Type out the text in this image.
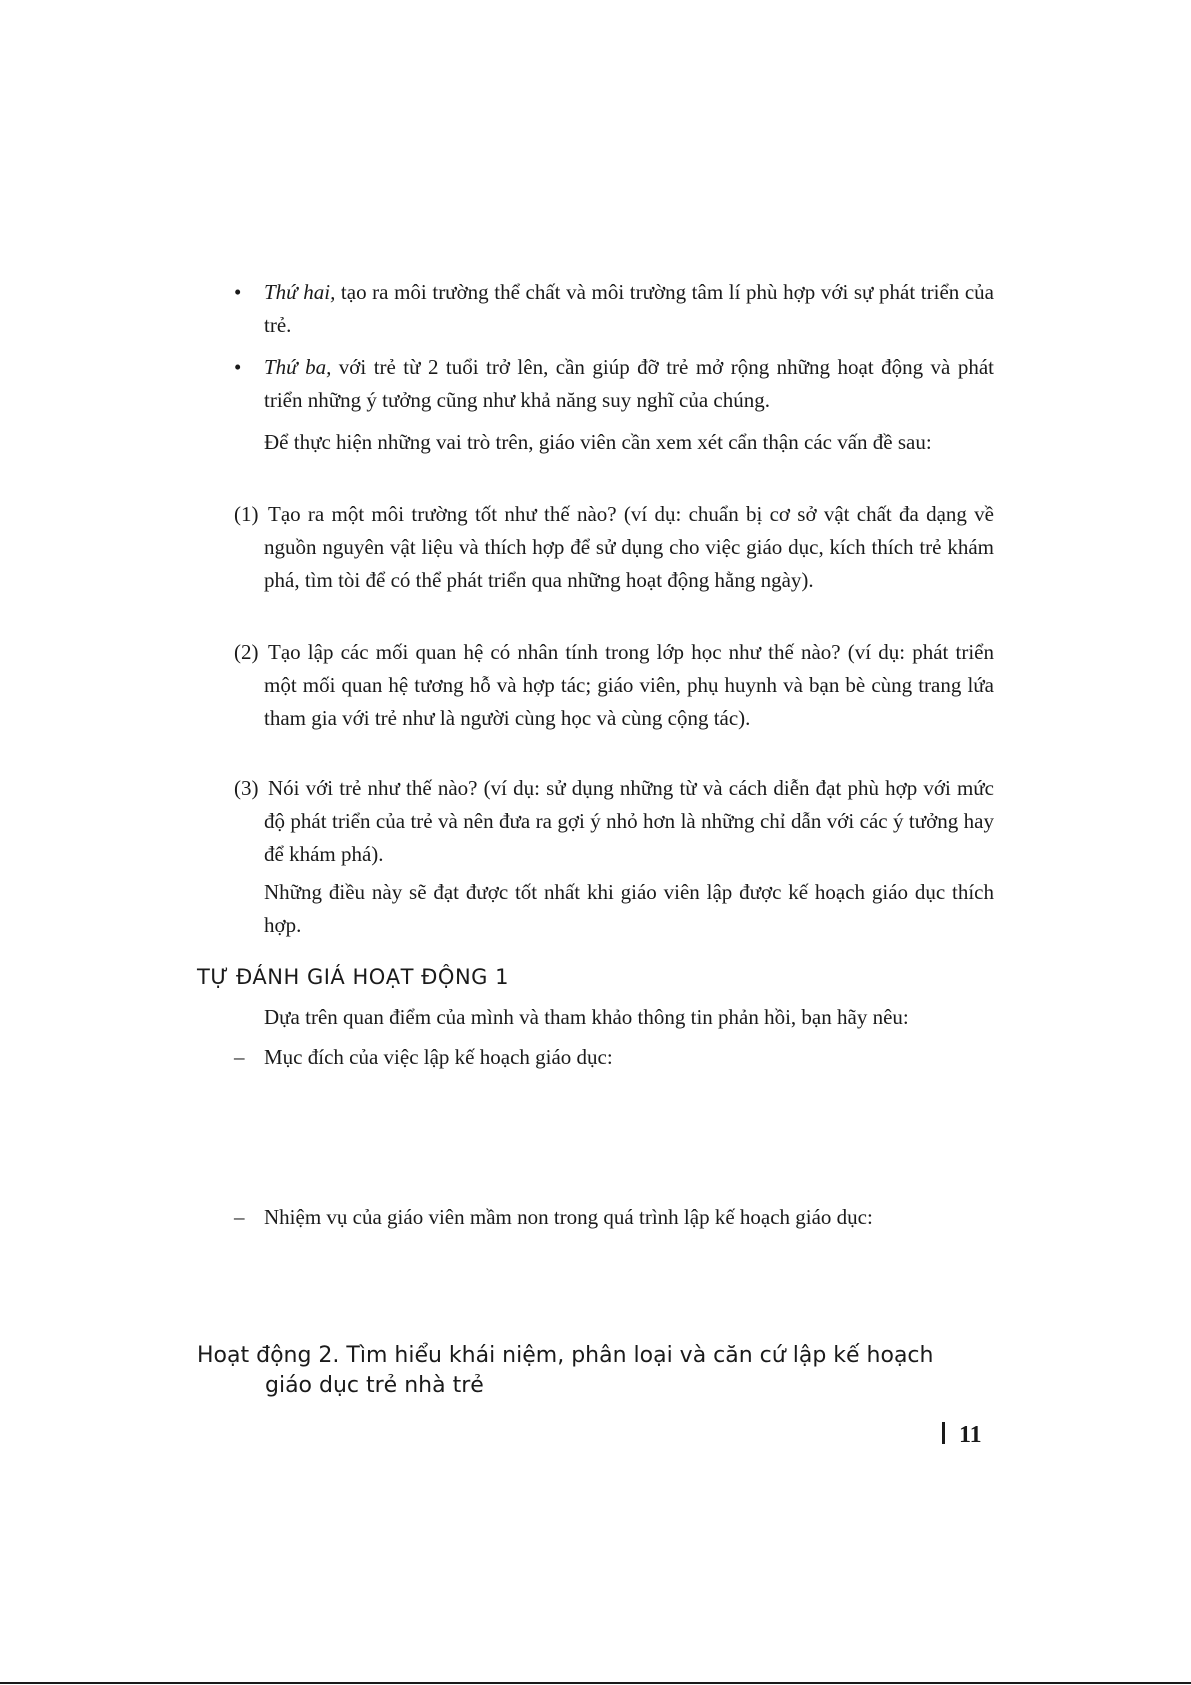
•	Thứ hai, tạo ra môi trường thể chất và môi trường tâm lí phù hợp với sự phát triển của trẻ.
•	Thứ ba, với trẻ từ 2 tuổi trở lên, cần giúp đỡ trẻ mở rộng những hoạt động và phát triển những ý tưởng cũng như khả năng suy nghĩ của chúng.
Để thực hiện những vai trò trên, giáo viên cần xem xét cẩn thận các vấn đề sau:
(1) Tạo ra một môi trường tốt như thế nào? (ví dụ: chuẩn bị cơ sở vật chất đa dạng về nguồn nguyên vật liệu và thích hợp để sử dụng cho việc giáo dục, kích thích trẻ khám phá, tìm tòi để có thể phát triển qua những hoạt động hằng ngày).
(2) Tạo lập các mối quan hệ có nhân tính trong lớp học như thế nào? (ví dụ: phát triển một mối quan hệ tương hỗ và hợp tác; giáo viên, phụ huynh và bạn bè cùng trang lứa tham gia với trẻ như là người cùng học và cùng cộng tác).
(3) Nói với trẻ như thế nào? (ví dụ: sử dụng những từ và cách diễn đạt phù hợp với mức độ phát triển của trẻ và nên đưa ra gợi ý nhỏ hơn là những chỉ dẫn với các ý tưởng hay để khám phá).
Những điều này sẽ đạt được tốt nhất khi giáo viên lập được kế hoạch giáo dục thích hợp.
TỰ ĐÁNH GIÁ HOẠT ĐỘNG 1
Dựa trên quan điểm của mình và tham khảo thông tin phản hồi, bạn hãy nêu:
– Mục đích của việc lập kế hoạch giáo dục:
– Nhiệm vụ của giáo viên mầm non trong quá trình lập kế hoạch giáo dục:
Hoạt động 2. Tìm hiểu khái niệm, phân loại và căn cứ lập kế hoạch
giáo dục trẻ nhà trẻ
11
